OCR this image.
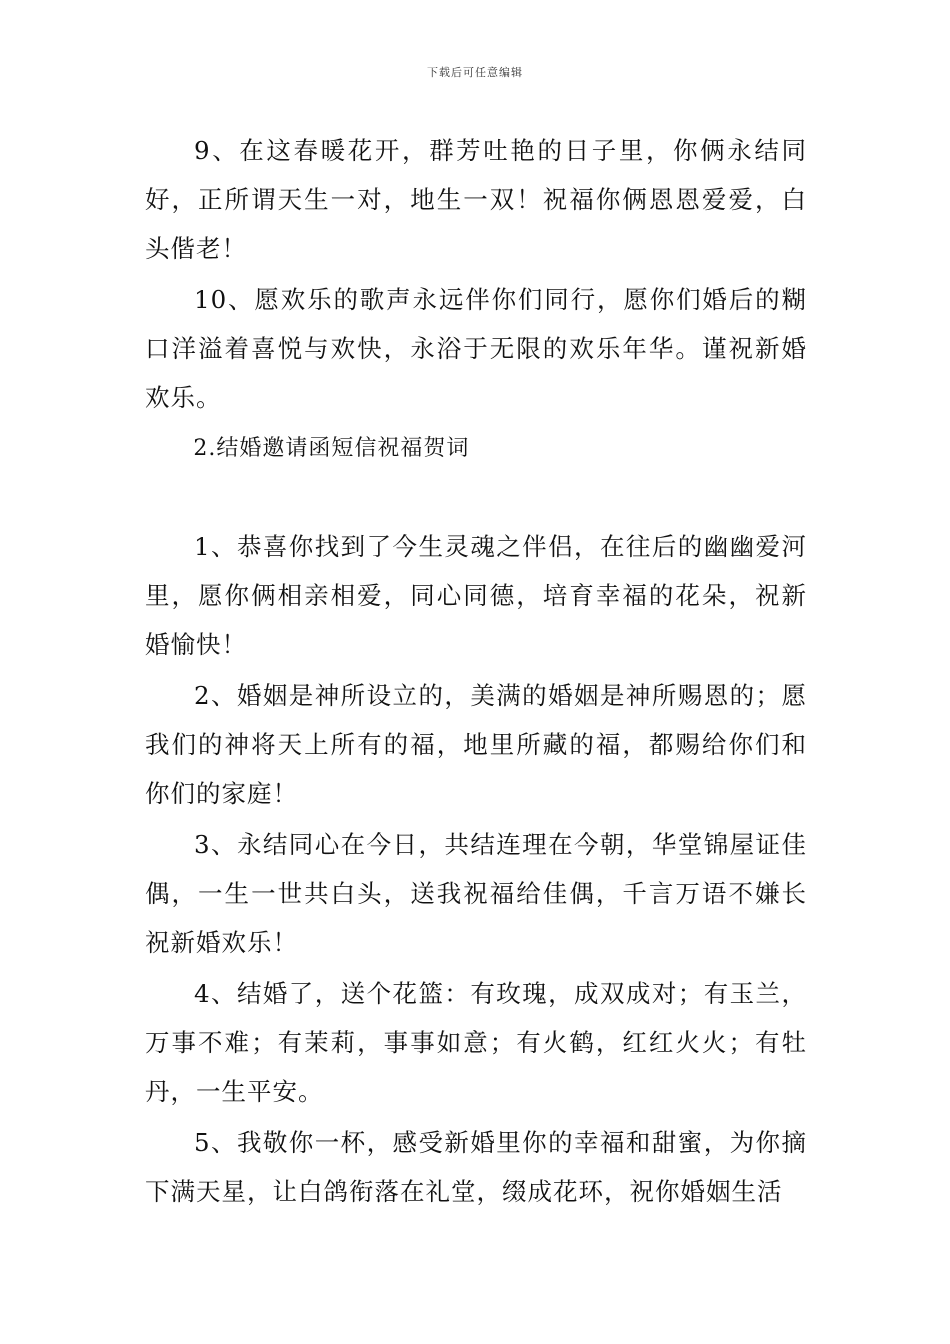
下载后可任意编辑

9、在这春暖花开，群芳吐艳的日子里，你俩永结同好，正所谓天生一对，地生一双！祝福你俩恩恩爱爱，白头偕老！

10、愿欢乐的歌声永远伴你们同行，愿你们婚后的糊口洋溢着喜悦与欢快，永浴于无限的欢乐年华。谨祝新婚欢乐。

2.结婚邀请函短信祝福贺词

1、恭喜你找到了今生灵魂之伴侣，在往后的幽幽爱河里，愿你俩相亲相爱，同心同德，培育幸福的花朵，祝新婚愉快！

2、婚姻是神所设立的，美满的婚姻是神所赐恩的；愿我们的神将天上所有的福，地里所藏的福，都赐给你们和你们的家庭！

3、永结同心在今日，共结连理在今朝，华堂锦屋证佳偶，一生一世共白头，送我祝福给佳偶，千言万语不嫌长祝新婚欢乐！

4、结婚了，送个花篮：有玫瑰，成双成对；有玉兰，万事不难；有茉莉，事事如意；有火鹤，红红火火；有牡丹，一生平安。

5、我敬你一杯，感受新婚里你的幸福和甜蜜，为你摘下满天星，让白鸽衔落在礼堂，缀成花环，祝你婚姻生活
